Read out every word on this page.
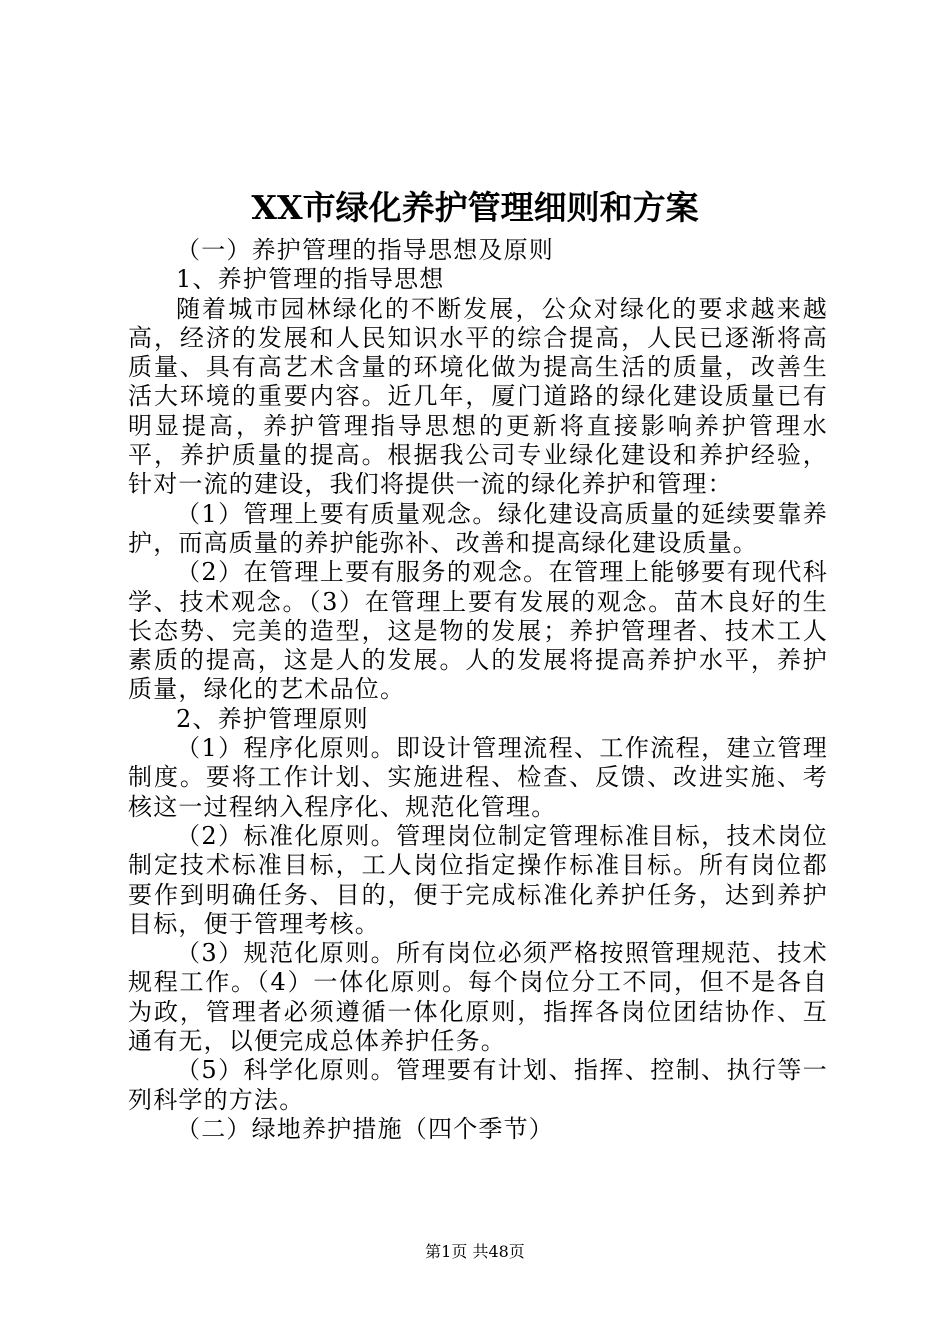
XX市绿化养护管理细则和方案

（一）养护管理的指导思想及原则

1、养护管理的指导思想

随着城市园林绿化的不断发展，公众对绿化的要求越来越高，经济的发展和人民知识水平的综合提高，人民已逐渐将高质量、具有高艺术含量的环境化做为提高生活的质量，改善生活大环境的重要内容。近几年，厦门道路的绿化建设质量已有明显提高，养护管理指导思想的更新将直接影响养护管理水平，养护质量的提高。根据我公司专业绿化建设和养护经验，针对一流的建设，我们将提供一流的绿化养护和管理：

（1）管理上要有质量观念。绿化建设高质量的延续要靠养护，而高质量的养护能弥补、改善和提高绿化建设质量。

（2）在管理上要有服务的观念。在管理上能够要有现代科学、技术观念。（3）在管理上要有发展的观念。苗木良好的生长态势、完美的造型，这是物的发展；养护管理者、技术工人素质的提高，这是人的发展。人的发展将提高养护水平，养护质量，绿化的艺术品位。

2、养护管理原则

（1）程序化原则。即设计管理流程、工作流程，建立管理制度。要将工作计划、实施进程、检查、反馈、改进实施、考核这一过程纳入程序化、规范化管理。

（2）标准化原则。管理岗位制定管理标准目标，技术岗位制定技术标准目标，工人岗位指定操作标准目标。所有岗位都要作到明确任务、目的，便于完成标准化养护任务，达到养护目标，便于管理考核。

（3）规范化原则。所有岗位必须严格按照管理规范、技术规程工作。（4）一体化原则。每个岗位分工不同，但不是各自为政，管理者必须遵循一体化原则，指挥各岗位团结协作、互通有无，以便完成总体养护任务。

（5）科学化原则。管理要有计划、指挥、控制、执行等一列科学的方法。

（二）绿地养护措施（四个季节）

第1页 共48页
